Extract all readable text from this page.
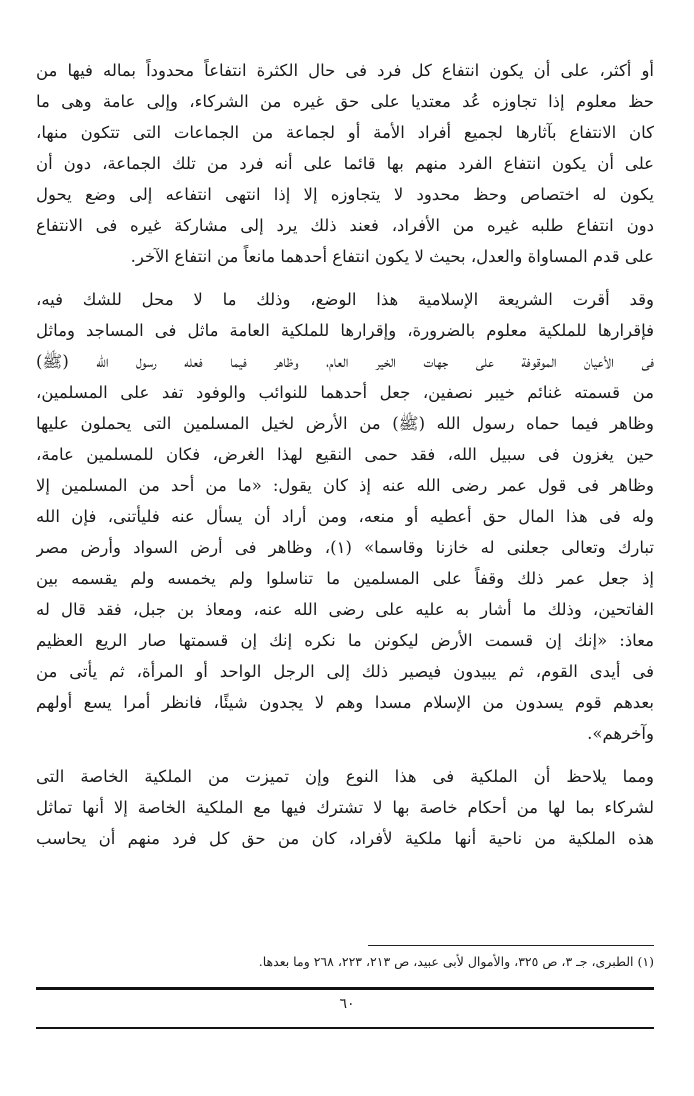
أو أكثر، على أن يكون انتفاع كل فرد فى حال الكثرة انتفاعاً محدوداً بماله فيها من
حظ معلوم إذا تجاوزه عُد معتديا على حق غيره من الشركاء، وإلى عامة وهى ما
كان الانتفاع بآثارها لجميع أفراد الأمة أو لجماعة من الجماعات التى تتكون منها،
على أن يكون انتفاع الفرد منهم بها قائما على أنه فرد من تلك الجماعة، دون أن
يكون له اختصاص وحظ محدود لا يتجاوزه إلا إذا انتهى انتفاعه إلى وضع يحول
دون انتفاع طلبه غيره من الأفراد، فعند ذلك يرد إلى مشاركة غيره فى الانتفاع
على قدم المساواة والعدل، بحيث لا يكون انتفاع أحدهما مانعاً من انتفاع الآخر.
وقد أقرت الشريعة الإسلامية هذا الوضع، وذلك ما لا محل للشك فيه،
فإقرارها للملكية معلوم بالضرورة، وإقرارها للملكية العامة ماثل فى المساجد وماثل
فى الأعيان الموقوفة على جهات الخير العام، وظاهر فيما فعله رسول الله (ﷺ)
من قسمته غنائم خيبر نصفين، جعل أحدهما للنوائب والوفود تفد على المسلمين،
وظاهر فيما حماه رسول الله (ﷺ) من الأرض لخيل المسلمين التى يحملون عليها
حين يغزون فى سبيل الله، فقد حمى النقيع لهذا الغرض، فكان للمسلمين عامة،
وظاهر فى قول عمر رضى الله عنه إذ كان يقول: «ما من أحد من المسلمين إلا
وله فى هذا المال حق أعطيه أو منعه، ومن أراد أن يسأل عنه فليأتنى، فإن الله
تبارك وتعالى جعلنى له خازنا وقاسما» (١)، وظاهر فى أرض السواد وأرض مصر
إذ جعل عمر ذلك وقفاً على المسلمين ما تناسلوا ولم يخمسه ولم يقسمه بين
الفاتحين، وذلك ما أشار به عليه على رضى الله عنه، ومعاذ بن جبل، فقد قال له
معاذ: «إنك إن قسمت الأرض ليكونن ما نكره إنك إن قسمتها صار الريع العظيم
فى أيدى القوم، ثم يبيدون فيصير ذلك إلى الرجل الواحد أو المرأة، ثم يأتى من
بعدهم قوم يسدون من الإسلام مسدا وهم لا يجدون شيئًا، فانظر أمرا يسع أولهم
وآخرهم».
ومما يلاحظ أن الملكية فى هذا النوع وإن تميزت من الملكية الخاصة التى
لشركاء بما لها من أحكام خاصة بها لا تشترك فيها مع الملكية الخاصة إلا أنها تماثل
هذه الملكية من ناحية أنها ملكية لأفراد، كان من حق كل فرد منهم أن يحاسب
(١) الطبرى، جـ ٣، ص ٣٢٥، والأموال لأبى عبيد، ص ٢١٣، ٢٢٣، ٢٦٨ وما بعدها.
٦٠
